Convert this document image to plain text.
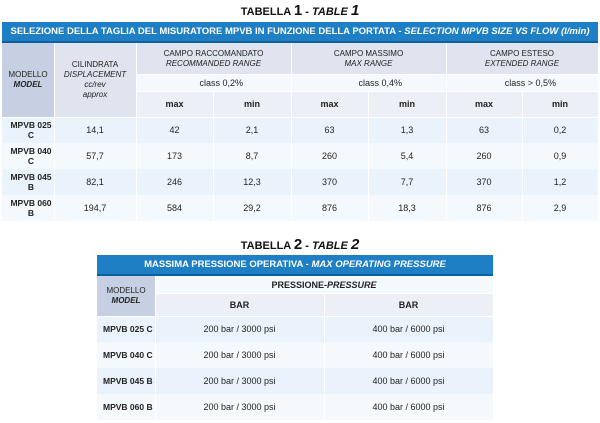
TABELLA 1 - TABLE 1
SELEZIONE DELLA TAGLIA DEL MISURATORE MPVB IN FUNZIONE DELLA PORTATA - SELECTION MPVB SIZE VS FLOW (l/min)
MODELLO
MODEL
CILINDRATA
DISPLACEMENT
cc/rev
approx
CAMPO RACCOMANDATO
RECOMMANDED RANGE
CAMPO MASSIMO
MAX RANGE
CAMPO ESTESO
EXTENDED RANGE
class 0,2%	class 0,4%	class > 0,5%
max	min	max	min	max	min
MPVB 025 C	14,1	42	2,1	63	1,3	63	0,2
MPVB 040 C	57,7	173	8,7	260	5,4	260	0,9
MPVB 045 B	82,1	246	12,3	370	7,7	370	1,2
MPVB 060 B	194,7	584	29,2	876	18,3	876	2,9
TABELLA 2 - TABLE 2
MASSIMA PRESSIONE OPERATIVA - MAX OPERATING PRESSURE
MODELLO
MODEL
PRESSIONE - PRESSURE
BAR	BAR
MPVB 025 C	200 bar / 3000 psi	400 bar / 6000 psi
MPVB 040 C	200 bar / 3000 psi	400 bar / 6000 psi
MPVB 045 B	200 bar / 3000 psi	400 bar / 6000 psi
MPVB 060 B	200 bar / 3000 psi	400 bar / 6000 psi
